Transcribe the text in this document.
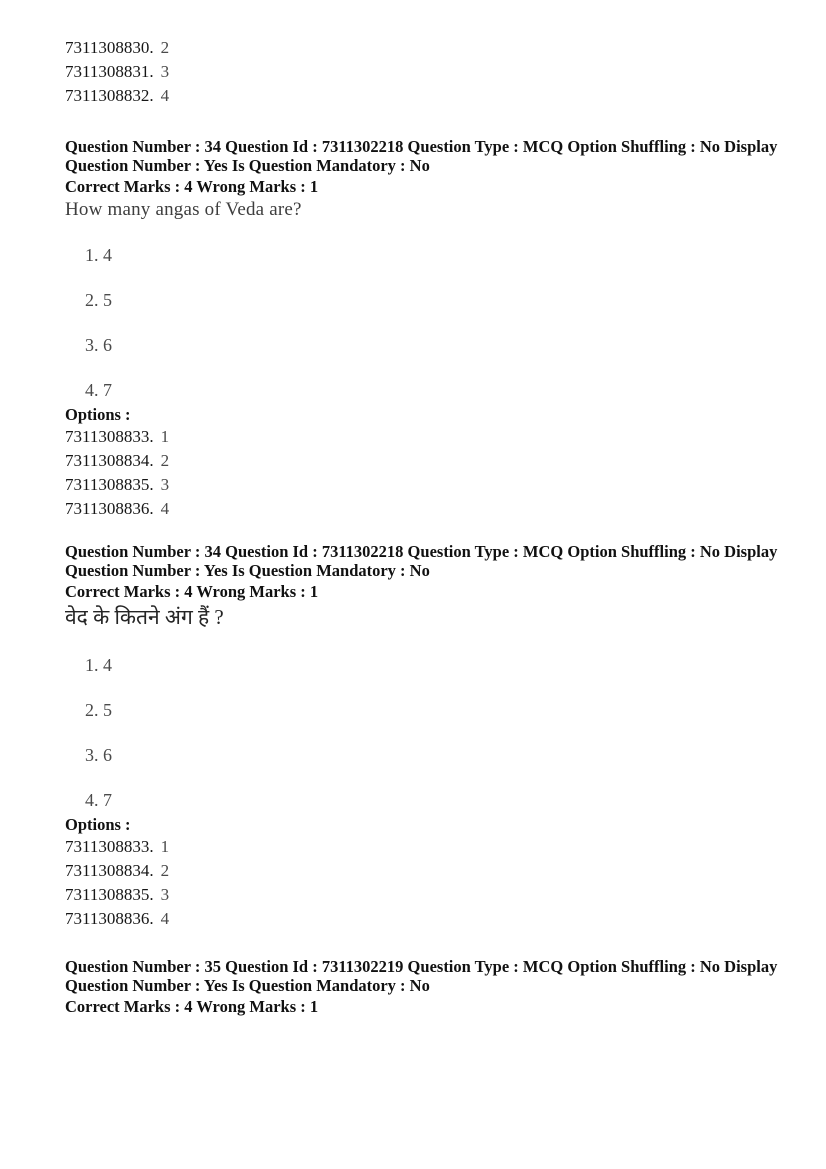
7311308830. 2
7311308831. 3
7311308832. 4
Question Number : 34 Question Id : 7311302218 Question Type : MCQ Option Shuffling : No Display
Question Number : Yes Is Question Mandatory : No
Correct Marks : 4 Wrong Marks : 1
How many angas of Veda are?
1. 4
2. 5
3. 6
4. 7
Options :
7311308833. 1
7311308834. 2
7311308835. 3
7311308836. 4
Question Number : 34 Question Id : 7311302218 Question Type : MCQ Option Shuffling : No Display
Question Number : Yes Is Question Mandatory : No
Correct Marks : 4 Wrong Marks : 1
वेद के कितने अंग हैं ?
1. 4
2. 5
3. 6
4. 7
Options :
7311308833. 1
7311308834. 2
7311308835. 3
7311308836. 4
Question Number : 35 Question Id : 7311302219 Question Type : MCQ Option Shuffling : No Display
Question Number : Yes Is Question Mandatory : No
Correct Marks : 4 Wrong Marks : 1
